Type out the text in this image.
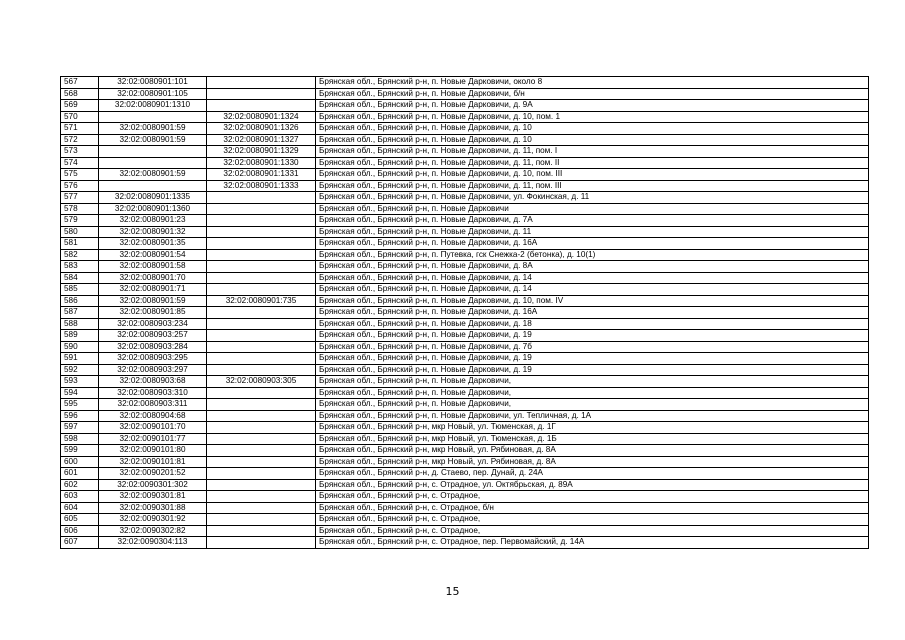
567	32:02:0080901:101		Брянская обл., Брянский р-н, п. Новые Дарковичи, около 8
568	32:02:0080901:105		Брянская обл., Брянский р-н, п. Новые Дарковичи, б/н
569	32:02:0080901:1310		Брянская обл., Брянский р-н, п. Новые Дарковичи, д. 9А
570		32:02:0080901:1324	Брянская обл., Брянский р-н, п. Новые Дарковичи, д. 10, пом. 1
571	32:02:0080901:59	32:02:0080901:1326	Брянская обл., Брянский р-н, п. Новые Дарковичи, д. 10
572	32:02:0080901:59	32:02:0080901:1327	Брянская обл., Брянский р-н, п. Новые Дарковичи, д. 10
573		32:02:0080901:1329	Брянская обл., Брянский р-н, п. Новые Дарковичи, д. 11, пом. I
574		32:02:0080901:1330	Брянская обл., Брянский р-н, п. Новые Дарковичи, д. 11, пом. II
575	32:02:0080901:59	32:02:0080901:1331	Брянская обл., Брянский р-н, п. Новые Дарковичи, д. 10, пом. III
576		32:02:0080901:1333	Брянская обл., Брянский р-н, п. Новые Дарковичи, д. 11, пом. III
577	32:02:0080901:1335		Брянская обл., Брянский р-н, п. Новые Дарковичи, ул. Фокинская, д. 11
578	32:02:0080901:1360		Брянская обл., Брянский р-н, п. Новые Дарковичи
579	32:02:0080901:23		Брянская обл., Брянский р-н, п. Новые Дарковичи, д. 7А
580	32:02:0080901:32		Брянская обл., Брянский р-н, п. Новые Дарковичи, д. 11
581	32:02:0080901:35		Брянская обл., Брянский р-н, п. Новые Дарковичи, д. 16А
582	32:02:0080901:54		Брянская обл., Брянский р-н, п. Путевка, гск Снежка-2 (бетонка), д. 10(1)
583	32:02:0080901:58		Брянская обл., Брянский р-н, п. Новые Дарковичи, д. 8А
584	32:02:0080901:70		Брянская обл., Брянский р-н, п. Новые Дарковичи, д. 14
585	32:02:0080901:71		Брянская обл., Брянский р-н, п. Новые Дарковичи, д. 14
586	32:02:0080901:59	32:02:0080901:735	Брянская обл., Брянский р-н, п. Новые Дарковичи, д. 10, пом. IV
587	32:02:0080901:85		Брянская обл., Брянский р-н, п. Новые Дарковичи, д. 16А
588	32:02:0080903:234		Брянская обл., Брянский р-н, п. Новые Дарковичи, д. 18
589	32:02:0080903:257		Брянская обл., Брянский р-н, п. Новые Дарковичи, д. 19
590	32:02:0080903:284		Брянская обл., Брянский р-н, п. Новые Дарковичи, д. 7б
591	32:02:0080903:295		Брянская обл., Брянский р-н, п. Новые Дарковичи, д. 19
592	32:02:0080903:297		Брянская обл., Брянский р-н, п. Новые Дарковичи, д. 19
593	32:02:0080903:68	32:02:0080903:305	Брянская обл., Брянский р-н, п. Новые Дарковичи,
594	32:02:0080903:310		Брянская обл., Брянский р-н, п. Новые Дарковичи,
595	32:02:0080903:311		Брянская обл., Брянский р-н, п. Новые Дарковичи,
596	32:02:0080904:68		Брянская обл., Брянский р-н, п. Новые Дарковичи, ул. Тепличная, д. 1А
597	32:02:0090101:70		Брянская обл., Брянский р-н, мкр Новый, ул. Тюменская, д. 1Г
598	32:02:0090101:77		Брянская обл., Брянский р-н, мкр Новый, ул. Тюменская, д. 1Б
599	32:02:0090101:80		Брянская обл., Брянский р-н, мкр Новый, ул. Рябиновая, д. 8А
600	32:02:0090101:81		Брянская обл., Брянский р-н, мкр Новый, ул. Рябиновая, д. 8А
601	32:02:0090201:52		Брянская обл., Брянский р-н, д. Стаево, пер. Дунай, д. 24А
602	32:02:0090301:302		Брянская обл., Брянский р-н, с. Отрадное, ул. Октябрьская, д. 89А
603	32:02:0090301:81		Брянская обл., Брянский р-н, с. Отрадное,
604	32:02:0090301:88		Брянская обл., Брянский р-н, с. Отрадное, б/н
605	32:02:0090301:92		Брянская обл., Брянский р-н, с. Отрадное,
606	32:02:0090302:82		Брянская обл., Брянский р-н, с. Отрадное,
607	32:02:0090304:113		Брянская обл., Брянский р-н, с. Отрадное, пер. Первомайский, д. 14А
15
